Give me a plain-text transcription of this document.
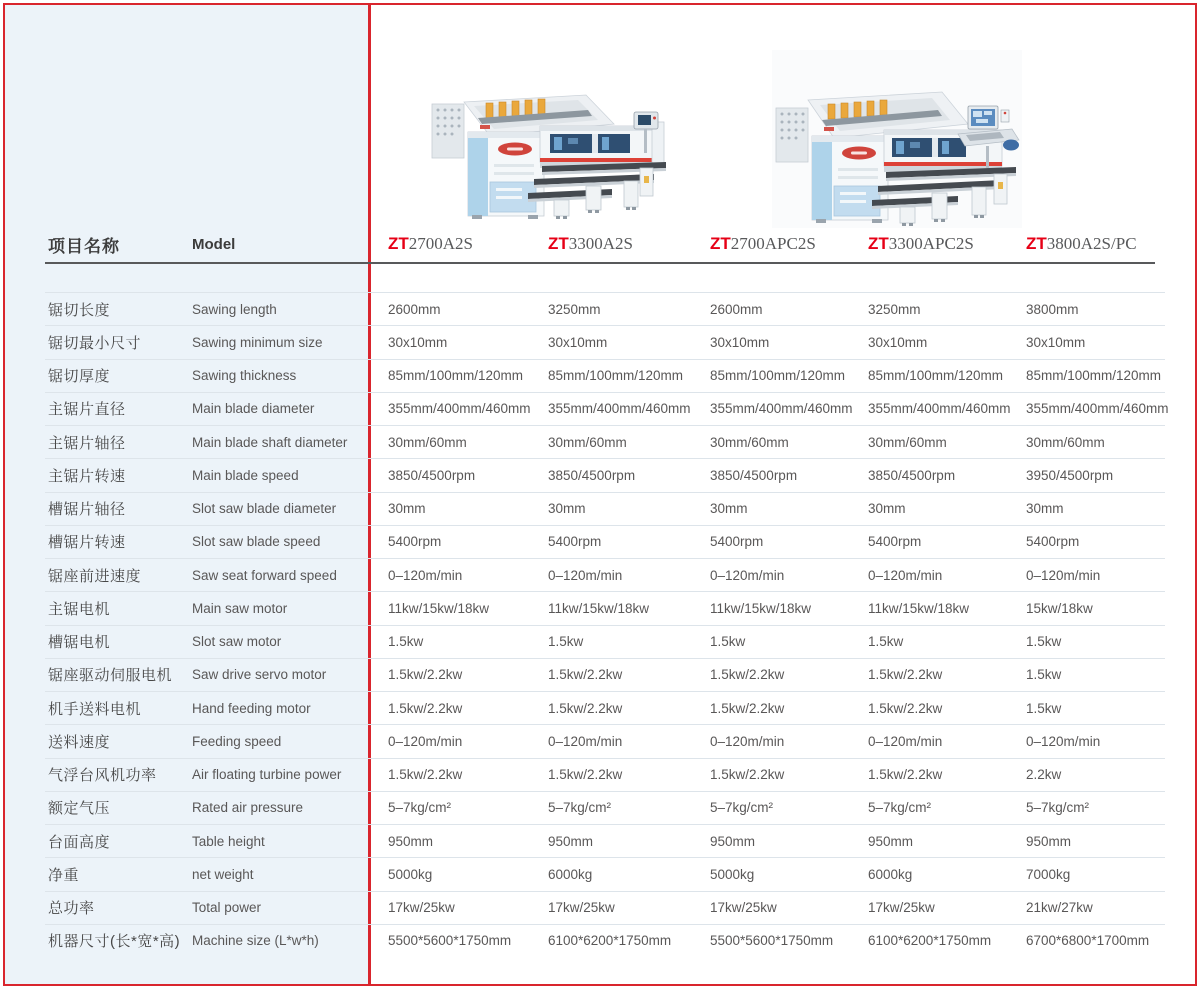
项目名称	Model	ZT2700A2S	ZT3300A2S	ZT2700APC2S	ZT3300APC2S	ZT3800A2S/PC
锯切长度	Sawing length	2600mm	3250mm	2600mm	3250mm	3800mm
锯切最小尺寸	Sawing minimum size	30x10mm	30x10mm	30x10mm	30x10mm	30x10mm
锯切厚度	Sawing thickness	85mm/100mm/120mm	85mm/100mm/120mm	85mm/100mm/120mm	85mm/100mm/120mm	85mm/100mm/120mm
主锯片直径	Main blade diameter	355mm/400mm/460mm	355mm/400mm/460mm	355mm/400mm/460mm	355mm/400mm/460mm	355mm/400mm/460mm
主锯片轴径	Main blade shaft diameter	30mm/60mm	30mm/60mm	30mm/60mm	30mm/60mm	30mm/60mm
主锯片转速	Main blade speed	3850/4500rpm	3850/4500rpm	3850/4500rpm	3850/4500rpm	3950/4500rpm
槽锯片轴径	Slot saw blade diameter	30mm	30mm	30mm	30mm	30mm
槽锯片转速	Slot saw blade speed	5400rpm	5400rpm	5400rpm	5400rpm	5400rpm
锯座前进速度	Saw seat forward speed	0–120m/min	0–120m/min	0–120m/min	0–120m/min	0–120m/min
主锯电机	Main saw motor	11kw/15kw/18kw	11kw/15kw/18kw	11kw/15kw/18kw	11kw/15kw/18kw	15kw/18kw
槽锯电机	Slot saw motor	1.5kw	1.5kw	1.5kw	1.5kw	1.5kw
锯座驱动伺服电机	Saw drive servo motor	1.5kw/2.2kw	1.5kw/2.2kw	1.5kw/2.2kw	1.5kw/2.2kw	1.5kw
机手送料电机	Hand feeding motor	1.5kw/2.2kw	1.5kw/2.2kw	1.5kw/2.2kw	1.5kw/2.2kw	1.5kw
送料速度	Feeding speed	0–120m/min	0–120m/min	0–120m/min	0–120m/min	0–120m/min
气浮台风机功率	Air floating turbine power	1.5kw/2.2kw	1.5kw/2.2kw	1.5kw/2.2kw	1.5kw/2.2kw	2.2kw
额定气压	Rated air pressure	5–7kg/cm²	5–7kg/cm²	5–7kg/cm²	5–7kg/cm²	5–7kg/cm²
台面高度	Table height	950mm	950mm	950mm	950mm	950mm
净重	net weight	5000kg	6000kg	5000kg	6000kg	7000kg
总功率	Total power	17kw/25kw	17kw/25kw	17kw/25kw	17kw/25kw	21kw/27kw
机器尺寸(长*宽*高) Machine size (L*w*h)	5500*5600*1750mm	6100*6200*1750mm	5500*5600*1750mm	6100*6200*1750mm	6700*6800*1700mm
